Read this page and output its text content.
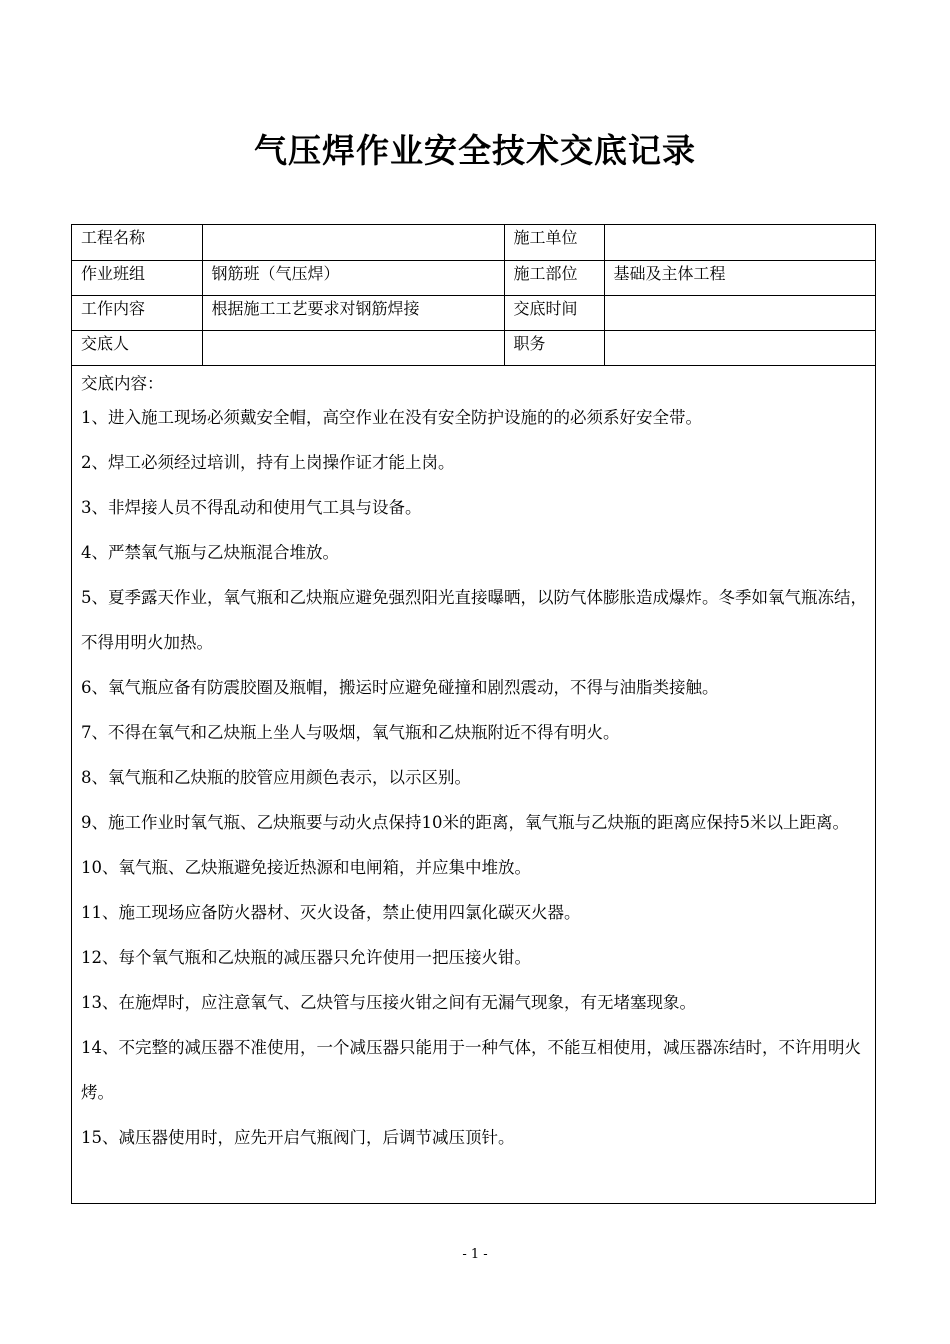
气压焊作业安全技术交底记录
工程名称		施工单位	
作业班组	钢筋班（气压焊）	施工部位	基础及主体工程
工作内容	根据施工工艺要求对钢筋焊接	交底时间	
交底人		职务	
交底内容：
1、进入施工现场必须戴安全帽，高空作业在没有安全防护设施的的必须系好安全带。
2、焊工必须经过培训，持有上岗操作证才能上岗。
3、非焊接人员不得乱动和使用气工具与设备。
4、严禁氧气瓶与乙炔瓶混合堆放。
5、夏季露天作业，氧气瓶和乙炔瓶应避免强烈阳光直接曝晒，以防气体膨胀造成爆炸。冬季如氧气瓶冻结，不得用明火加热。
6、氧气瓶应备有防震胶圈及瓶帽，搬运时应避免碰撞和剧烈震动，不得与油脂类接触。
7、不得在氧气和乙炔瓶上坐人与吸烟，氧气瓶和乙炔瓶附近不得有明火。
8、氧气瓶和乙炔瓶的胶管应用颜色表示，以示区别。
9、施工作业时氧气瓶、乙炔瓶要与动火点保持10米的距离，氧气瓶与乙炔瓶的距离应保持5米以上距离。
10、氧气瓶、乙炔瓶避免接近热源和电闸箱，并应集中堆放。
11、施工现场应备防火器材、灭火设备，禁止使用四氯化碳灭火器。
12、每个氧气瓶和乙炔瓶的减压器只允许使用一把压接火钳。
13、在施焊时，应注意氧气、乙炔管与压接火钳之间有无漏气现象，有无堵塞现象。
14、不完整的减压器不准使用，一个减压器只能用于一种气体，不能互相使用，减压器冻结时，不许用明火烤。
15、减压器使用时，应先开启气瓶阀门，后调节减压顶针。
- 1 -
